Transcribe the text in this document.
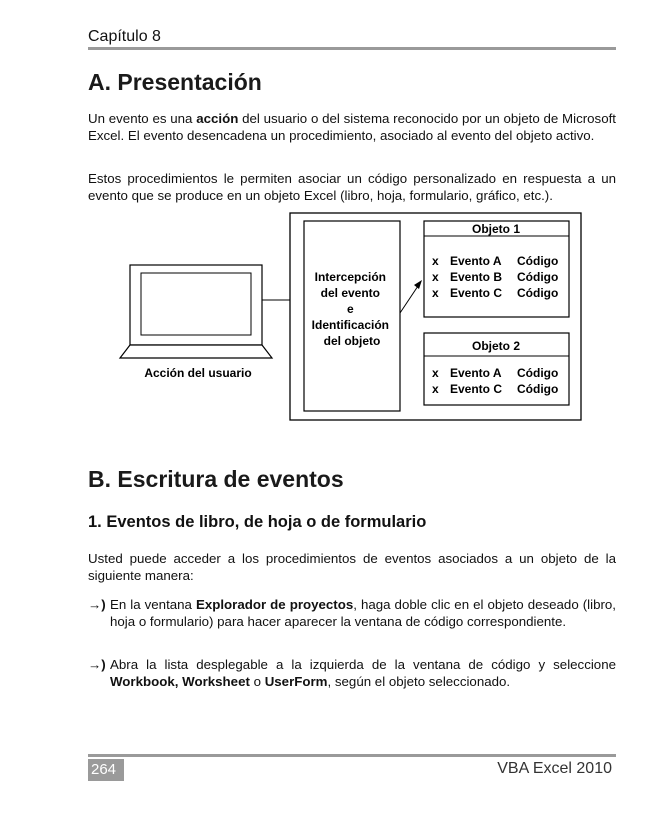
Capítulo 8
A. Presentación

Un evento es una acción del usuario o del sistema reconocido por un objeto de Microsoft Excel. El evento desencadena un procedimiento, asociado al evento del objeto activo.

Estos procedimientos le permiten asociar un código personalizado en respuesta a un evento que se produce en un objeto Excel (libro, hoja, formulario, gráfico, etc.).

Acción del usuario
Intercepción del evento e Identificación del objeto
Objeto 1
x Evento A Código
x Evento B Código
x Evento C Código
Objeto 2
x Evento A Código
x Evento C Código
B. Escritura de eventos
1. Eventos de libro, de hoja o de formulario

Usted puede acceder a los procedimientos de eventos asociados a un objeto de la siguiente manera:

→) En la ventana Explorador de proyectos, haga doble clic en el objeto deseado (libro, hoja o formulario) para hacer aparecer la ventana de código correspondiente.
→) Abra la lista desplegable a la izquierda de la ventana de código y seleccione Workbook, Worksheet o UserForm, según el objeto seleccionado.
264	VBA Excel 2010
